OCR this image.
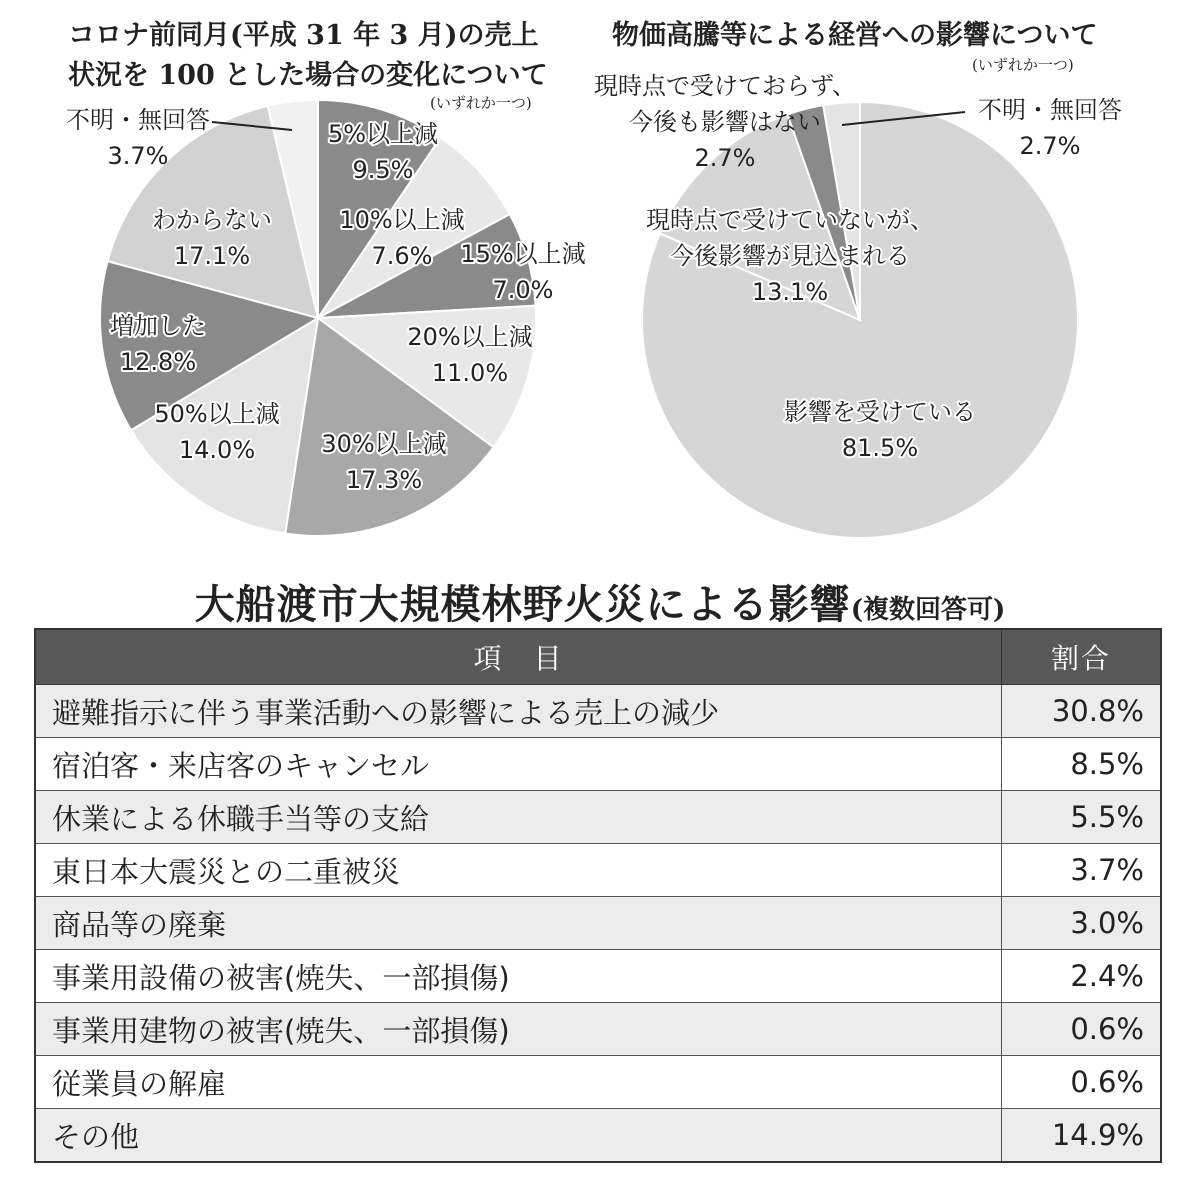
コロナ前同月(平成 31 年 3 月)の売上
状況を 100 とした場合の変化について
(いずれか一つ)
5%以上減
9.5%
10%以上減
7.6% 15%以上減
7.0%
20%以上減
11.0%
30%以上減
17.3%
50%以上減
14.0%
増加した
12.8%
わからない
17.1%
不明・無回答
3.7%
物価高騰等による経営への影響について
(いずれか一つ)
影響を受けている
81.5%
現時点で受けていないが、
今後影響が見込まれる
13.1%
現時点で受けておらず、
今後も影響はない
2.7%
不明・無回答
2.7%
大船渡市大規模林野火災による影響(複数回答可)
項　目	割合
避難指示に伴う事業活動への影響による売上の減少	30.8%
宿泊客・来店客のキャンセル	8.5%
休業による休職手当等の支給	5.5%
東日本大震災との二重被災	3.7%
商品等の廃棄	3.0%
事業用設備の被害(焼失、一部損傷)	2.4%
事業用建物の被害(焼失、一部損傷)	0.6%
従業員の解雇	0.6%
その他	14.9%
